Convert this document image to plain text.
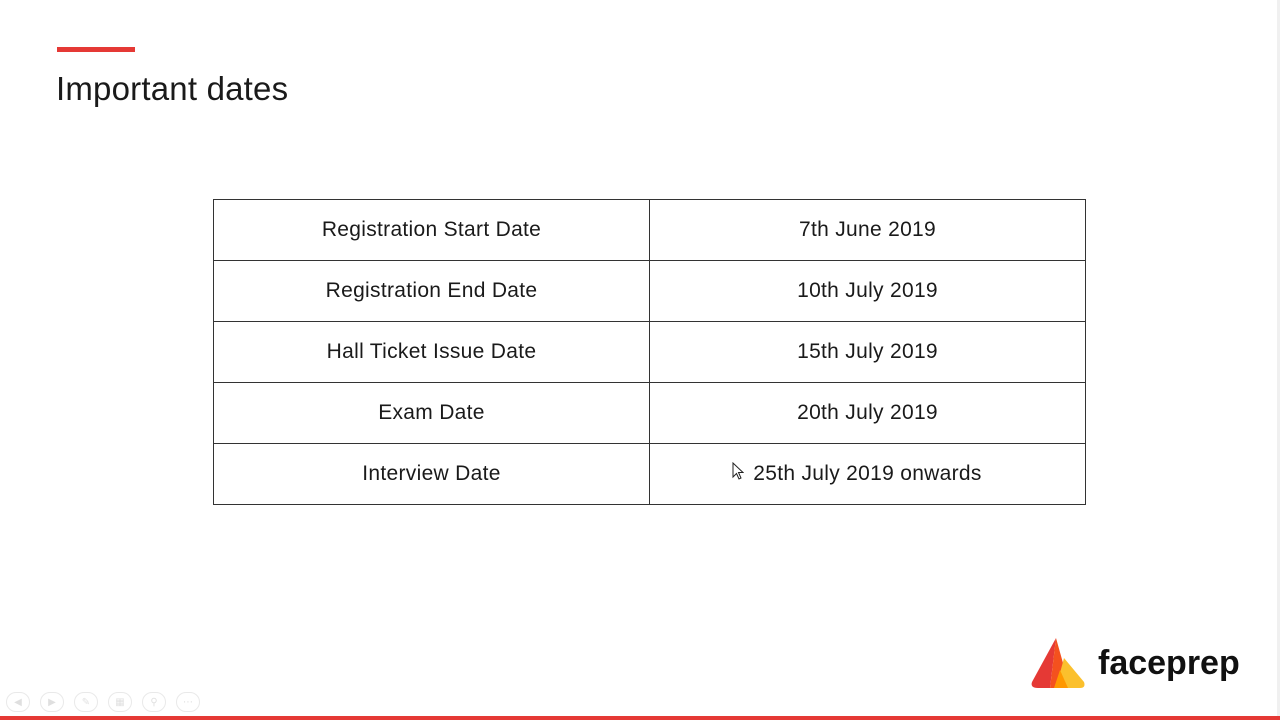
Important dates
Registration Start Date	7th June 2019
Registration End Date	10th July 2019
Hall Ticket Issue Date	15th July 2019
Exam Date	20th July 2019
Interview Date	25th July 2019 onwards
faceprep
◀	▶	✎	▦	⚲	⋯
